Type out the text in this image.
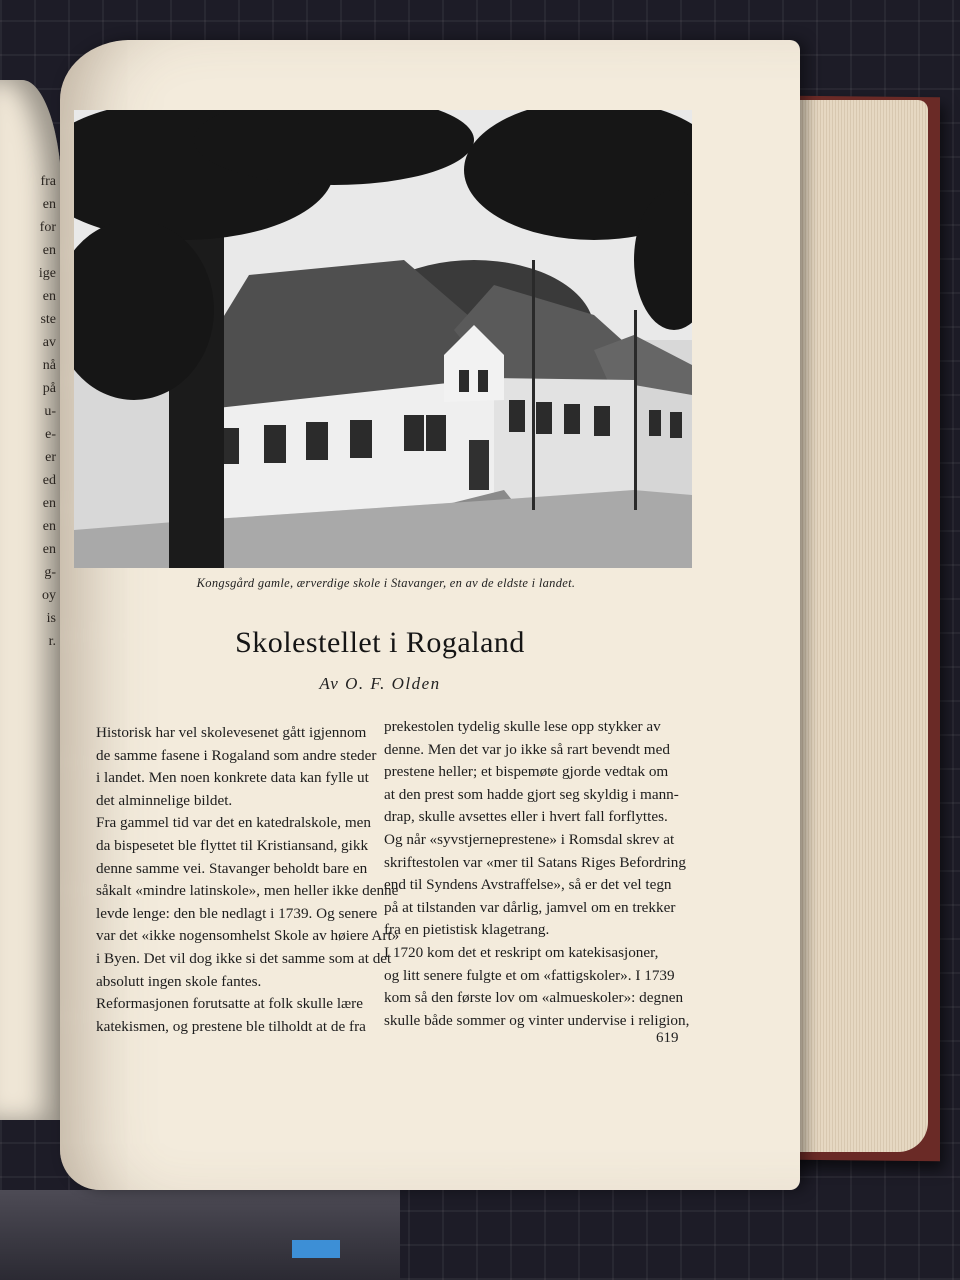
fra
en
for
en
ige
en
ste
av
nå
på
u-
e-
er
ed
en
en
en
g-
oy
is
r.
Kongsgård gamle, ærverdige skole i Stavanger, en av de eldste i landet.
Skolestellet i Rogaland
Av O. F. Olden
Historisk har vel skolevesenet gått igjennom
de samme fasene i Rogaland som andre steder
i landet. Men noen konkrete data kan fylle ut
det alminnelige bildet.
Fra gammel tid var det en katedralskole, men
da bispesetet ble flyttet til Kristiansand, gikk
denne samme vei. Stavanger beholdt bare en
såkalt «mindre latinskole», men heller ikke denne
levde lenge: den ble nedlagt i 1739. Og senere
var det «ikke nogensomhelst Skole av høiere Art»
i Byen. Det vil dog ikke si det samme som at det
absolutt ingen skole fantes.
Reformasjonen forutsatte at folk skulle lære
katekismen, og prestene ble tilholdt at de fra
prekestolen tydelig skulle lese opp stykker av
denne. Men det var jo ikke så rart bevendt med
prestene heller; et bispemøte gjorde vedtak om
at den prest som hadde gjort seg skyldig i mann-
drap, skulle avsettes eller i hvert fall forflyttes.
Og når «syvstjerneprestene» i Romsdal skrev at
skriftestolen var «mer til Satans Riges Befordring
end til Syndens Avstraffelse», så er det vel tegn
på at tilstanden var dårlig, jamvel om en trekker
fra en pietistisk klagetrang.
I 1720 kom det et reskript om katekisasjoner,
og litt senere fulgte et om «fattigskoler». I 1739
kom så den første lov om «almueskoler»: degnen
skulle både sommer og vinter undervise i religion,
619
